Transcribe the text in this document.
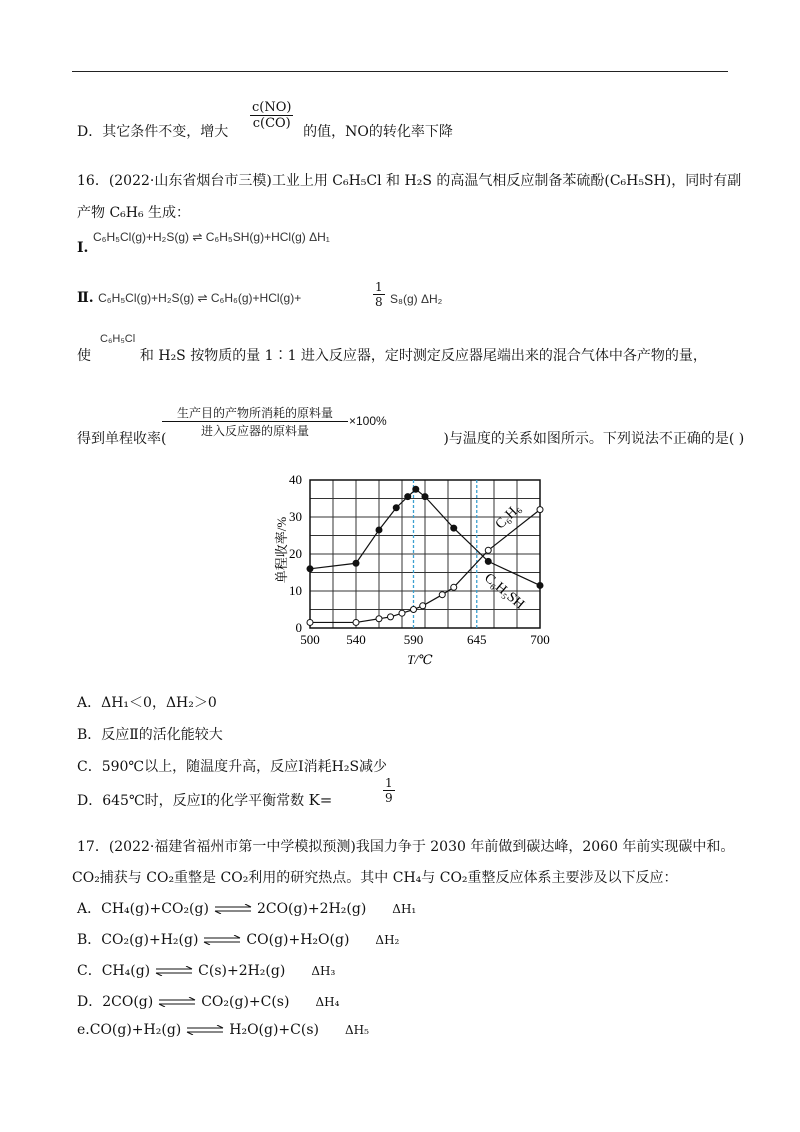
D．其它条件不变，增大	的值，NO的转化率下降
$\frac{c(NO)}{c(CO)}$
16．(2022·山东省烟台市三模)工业上用 C₆H₅Cl 和 H₂S 的高温气相反应制备苯硫酚(C₆H₅SH)，同时有副
产物 C₆H₆ 生成：
Ⅰ.
C₆H₅Cl(g)+H₂S(g) ⇌ C₆H₅SH(g)+HCl(g) ΔH₁
Ⅱ. C₆H₅Cl(g)+H₂S(g) ⇌ C₆H₆(g)+HCl(g)+	$\frac{1}{8} S_8(g)$ ΔH₂
使	和 H₂S 按物质的量 1∶1 进入反应器，定时测定反应器尾端出来的混合气体中各产物的量，
C₆H₅Cl
得到单程收率(	)与温度的关系如图所示。下列说法不正确的是( )
生产目的产物所消耗的原料量
进入反应器的原料量
×100%
500 540	590	645	700
0
10
20
30
40
单程收率/%
T/℃
C₆H₆
C₆H₅SH
A．ΔH₁＜0，ΔH₂＞0
B．反应Ⅱ的活化能较大
C．590℃以上，随温度升高，反应Ⅰ消耗H₂S减少
D．645℃时，反应Ⅰ的化学平衡常数 K=	$\frac{1}{9}$
17．(2022·福建省福州市第一中学模拟预测)我国力争于 2030 年前做到碳达峰，2060 年前实现碳中和。
CO₂捕获与 CO₂重整是 CO₂利用的研究热点。其中 CH₄与 CO₂重整反应体系主要涉及以下反应：
A．CH₄(g)+CO₂(g) ⇌ 2CO(g)+2H₂(g) ΔH₁
B．CO₂(g)+H₂(g) ⇌ CO(g)+H₂O(g) ΔH₂
C．CH₄(g) ⇌ C(s)+2H₂(g) ΔH₃
D．2CO(g) ⇌ CO₂(g)+C(s) ΔH₄
e.CO(g)+H₂(g) ⇌ H₂O(g)+C(s) ΔH₅
